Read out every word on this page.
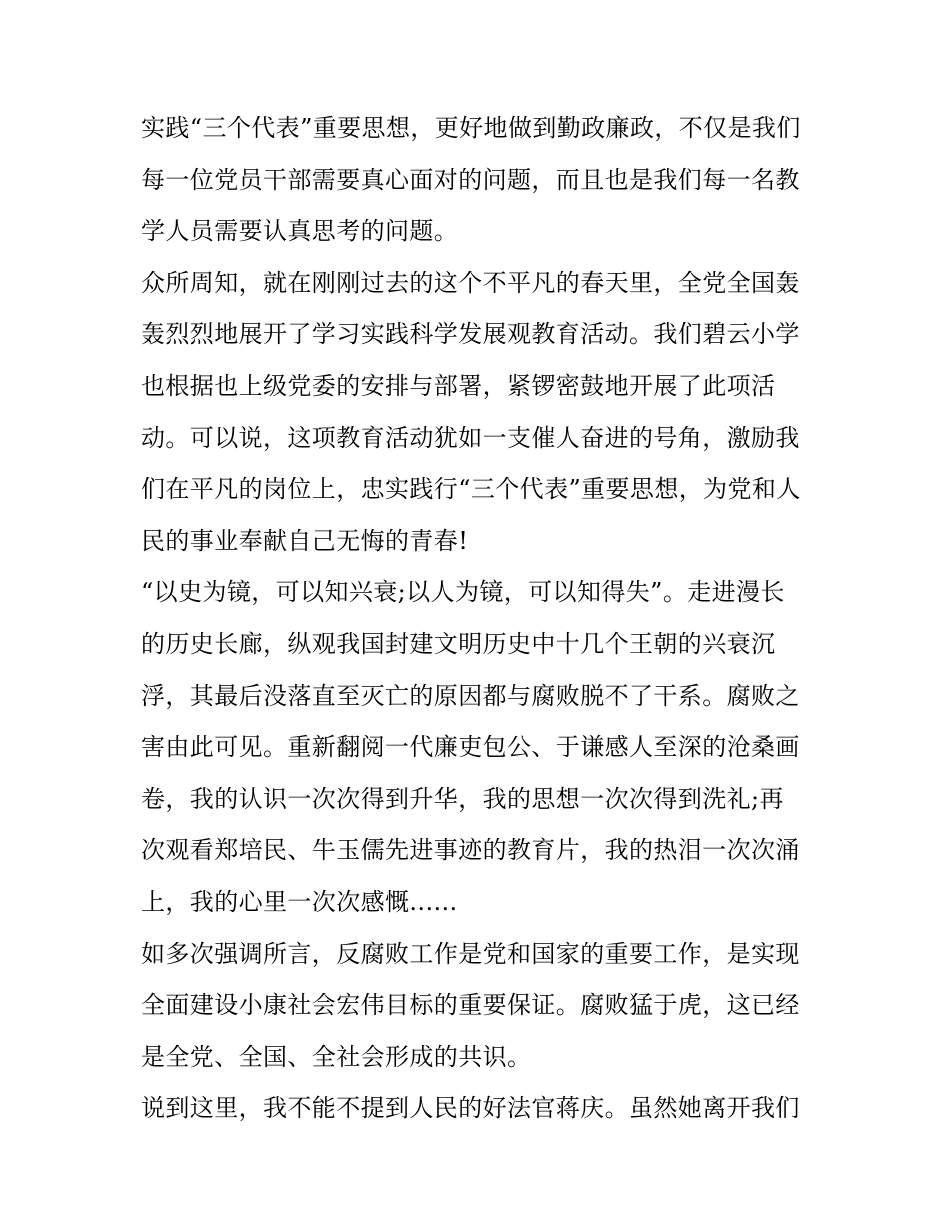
实践“三个代表”重要思想，更好地做到勤政廉政，不仅是我们
每一位党员干部需要真心面对的问题，而且也是我们每一名教
学人员需要认真思考的问题。
众所周知，就在刚刚过去的这个不平凡的春天里，全党全国轰
轰烈烈地展开了学习实践科学发展观教育活动。我们碧云小学
也根据也上级党委的安排与部署，紧锣密鼓地开展了此项活
动。可以说，这项教育活动犹如一支催人奋进的号角，激励我
们在平凡的岗位上，忠实践行“三个代表”重要思想，为党和人
民的事业奉献自己无悔的青春!
“以史为镜，可以知兴衰;以人为镜，可以知得失”。走进漫长
的历史长廊，纵观我国封建文明历史中十几个王朝的兴衰沉
浮，其最后没落直至灭亡的原因都与腐败脱不了干系。腐败之
害由此可见。重新翻阅一代廉吏包公、于谦感人至深的沧桑画
卷，我的认识一次次得到升华，我的思想一次次得到洗礼;再
次观看郑培民、牛玉儒先进事迹的教育片，我的热泪一次次涌
上，我的心里一次次感慨......
如多次强调所言，反腐败工作是党和国家的重要工作，是实现
全面建设小康社会宏伟目标的重要保证。腐败猛于虎，这已经
是全党、全国、全社会形成的共识。
说到这里，我不能不提到人民的好法官蒋庆。虽然她离开我们
